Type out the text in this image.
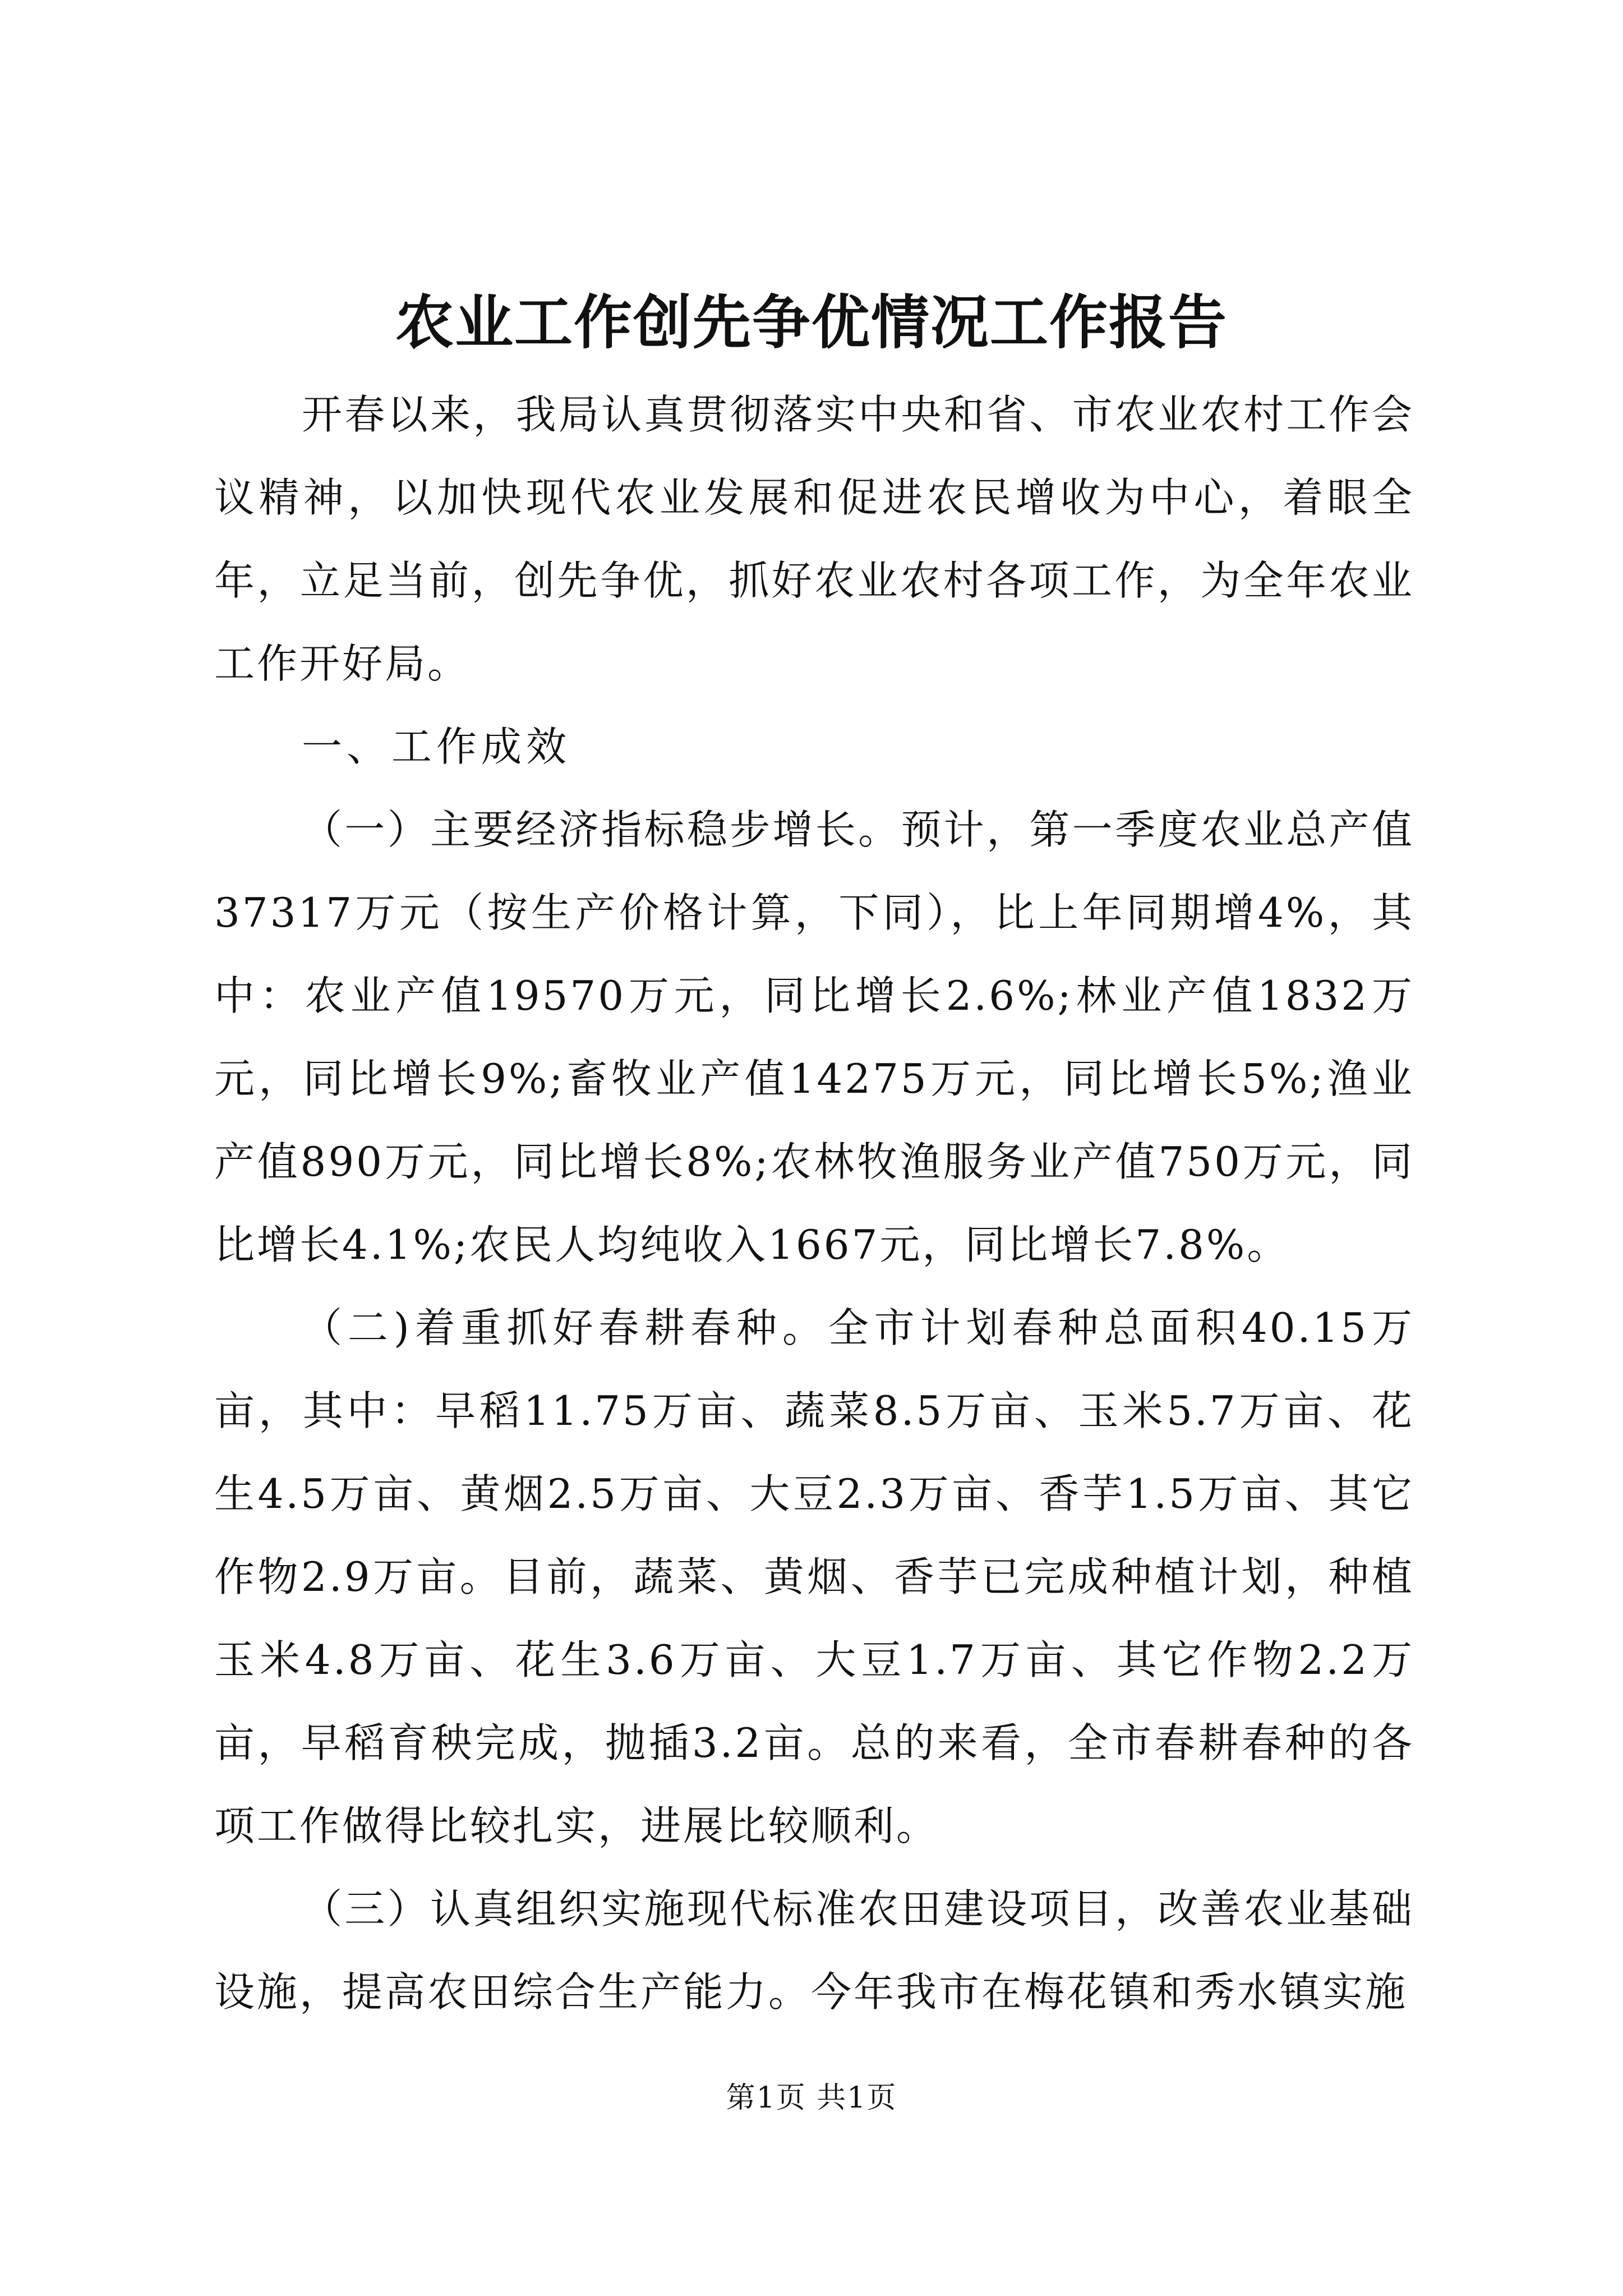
农业工作创先争优情况工作报告

开春以来，我局认真贯彻落实中央和省、市农业农村工作会议精神，以加快现代农业发展和促进农民增收为中心，着眼全年，立足当前，创先争优，抓好农业农村各项工作，为全年农业工作开好局。

一、工作成效

（一）主要经济指标稳步增长。预计，第一季度农业总产值37317万元（按生产价格计算，下同），比上年同期增4%，其中：农业产值19570万元，同比增长2.6%;林业产值1832万元，同比增长9%;畜牧业产值14275万元，同比增长5%;渔业产值890万元，同比增长8%;农林牧渔服务业产值750万元，同比增长4.1%;农民人均纯收入1667元，同比增长7.8%。

（二)着重抓好春耕春种。全市计划春种总面积40.15万亩，其中：早稻11.75万亩、蔬菜8.5万亩、玉米5.7万亩、花生4.5万亩、黄烟2.5万亩、大豆2.3万亩、香芋1.5万亩、其它作物2.9万亩。目前，蔬菜、黄烟、香芋已完成种植计划，种植玉米4.8万亩、花生3.6万亩、大豆1.7万亩、其它作物2.2万亩，早稻育秧完成，抛插3.2亩。总的来看，全市春耕春种的各项工作做得比较扎实，进展比较顺利。

（三）认真组织实施现代标准农田建设项目，改善农业基础设施，提高农田综合生产能力。今年我市在梅花镇和秀水镇实施

第1页 共1页
